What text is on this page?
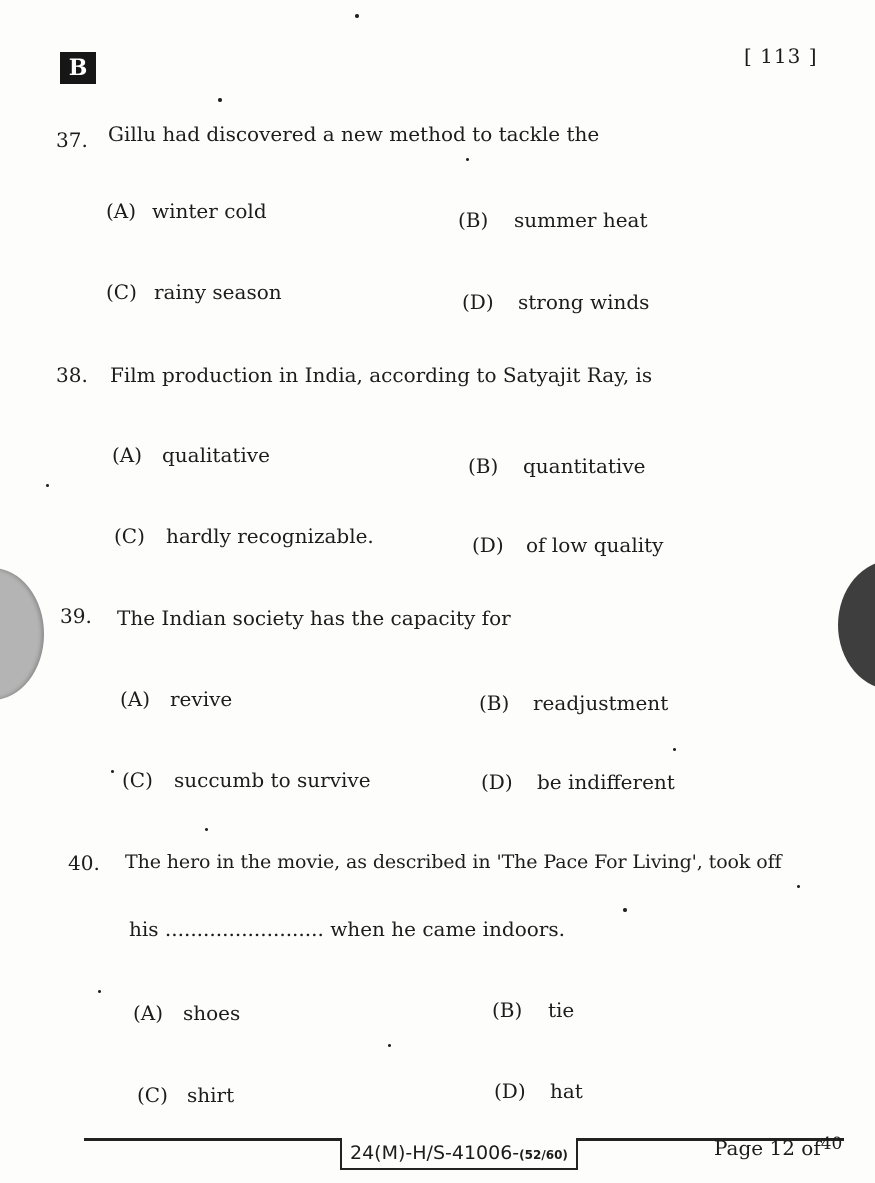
B	[ 113 ]
37. Gillu had discovered a new method to tackle the
(A) winter cold	(B) summer heat
(C) rainy season	(D) strong winds
38. Film production in India, according to Satyajit Ray, is
(A) qualitative	(B) quantitative
(C) hardly recognizable.	(D) of low quality
39. The Indian society has the capacity for
(A) revive	(B) readjustment
(C) succumb to survive	(D) be indifferent
40. The hero in the movie, as described in 'The Pace For Living', took off
his ......................... when he came indoors.
(A) shoes	(B) tie
(C) shirt	(D) hat
24(M)-H/S-41006-(52/60)	Page 12 $of^{40}$
